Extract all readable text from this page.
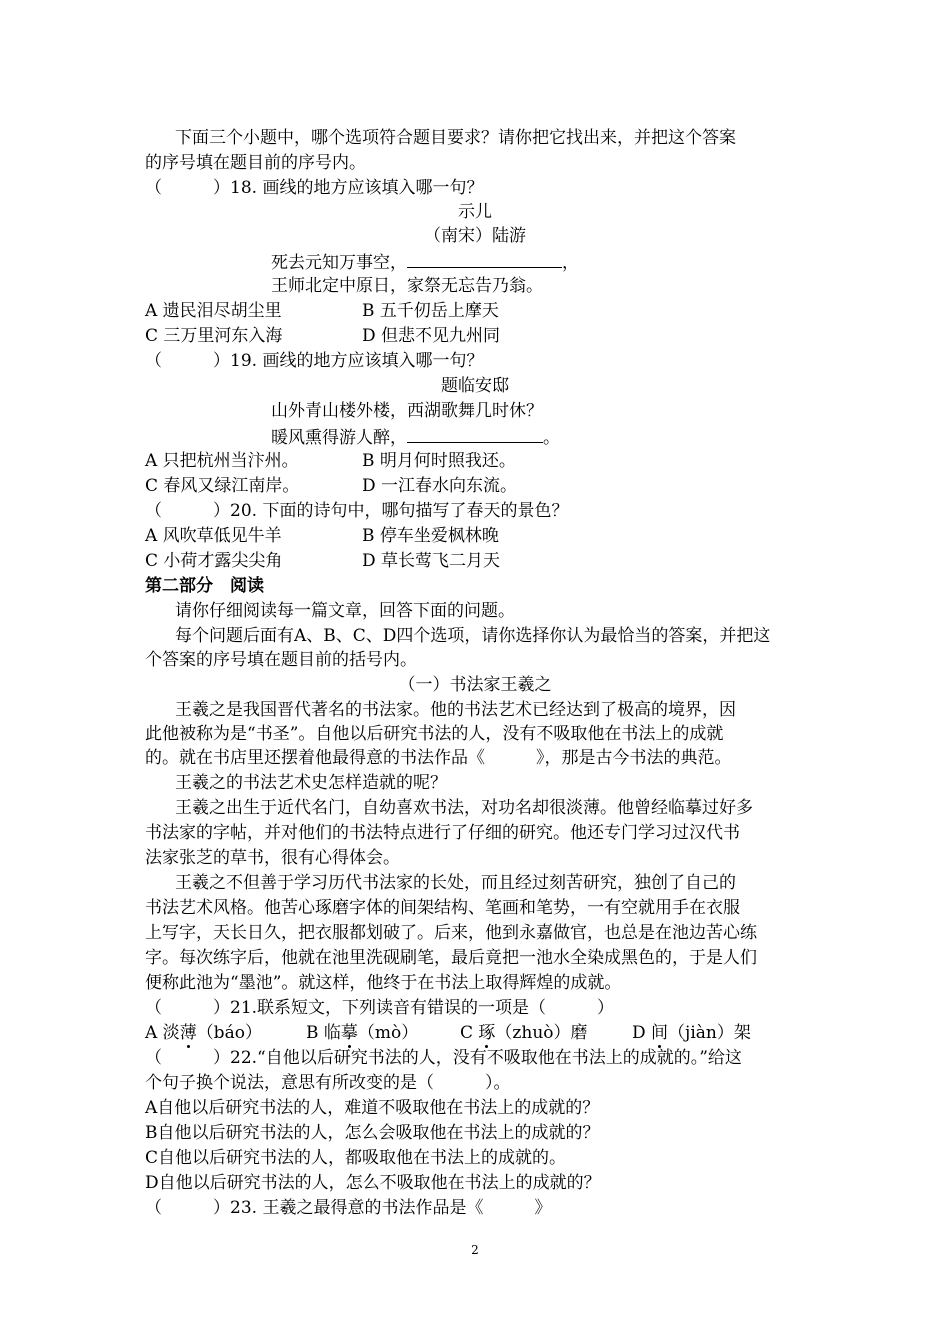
下面三个小题中，哪个选项符合题目要求？请你把它找出来，并把这个答案
的序号填在题目前的序号内。
（　　　）18. 画线的地方应该填入哪一句？
示儿
（南宋）陆游
死去元知万事空，	，
王师北定中原日，家祭无忘告乃翁。
A 遗民泪尽胡尘里	B 五千仞岳上摩天
C 三万里河东入海	D 但悲不见九州同
（　　　）19. 画线的地方应该填入哪一句？
题临安邸
山外青山楼外楼，西湖歌舞几时休？
暖风熏得游人醉，	。
A 只把杭州当汴州。	B 明月何时照我还。
C 春风又绿江南岸。	D 一江春水向东流。
（　　　）20. 下面的诗句中，哪句描写了春天的景色？
A 风吹草低见牛羊	B 停车坐爱枫林晚
C 小荷才露尖尖角	D 草长莺飞二月天
第二部分　阅读
请你仔细阅读每一篇文章，回答下面的问题。
每个问题后面有A、B、C、D四个选项，请你选择你认为最恰当的答案，并把这
个答案的序号填在题目前的括号内。
（一）书法家王羲之
王羲之是我国晋代著名的书法家。他的书法艺术已经达到了极高的境界，因
此他被称为是“书圣”。自他以后研究书法的人，没有不吸取他在书法上的成就
的。就在书店里还摆着他最得意的书法作品《　　　》，那是古今书法的典范。
王羲之的书法艺术史怎样造就的呢？
王羲之出生于近代名门，自幼喜欢书法，对功名却很淡薄。他曾经临摹过好多
书法家的字帖，并对他们的书法特点进行了仔细的研究。他还专门学习过汉代书
法家张芝的草书，很有心得体会。
王羲之不但善于学习历代书法家的长处，而且经过刻苦研究，独创了自己的
书法艺术风格。他苦心琢磨字体的间架结构、笔画和笔势，一有空就用手在衣服
上写字，天长日久，把衣服都划破了。后来，他到永嘉做官，也总是在池边苦心练
字。每次练字后，他就在池里洗砚刷笔，最后竟把一池水全染成黑色的，于是人们
便称此池为“墨池”。就这样，他终于在书法上取得辉煌的成就。
（　　　）21.联系短文，下列读音有错误的一项是（　　　）
A 淡薄（báo）	B 临摹（mò） C 琢（zhuò）磨	D 间（jiàn）架
（　　　）22.“自他以后研究书法的人，没有不吸取他在书法上的成就的。”给这
个句子换个说法，意思有所改变的是（　　　）。
A自他以后研究书法的人，难道不吸取他在书法上的成就的？
B自他以后研究书法的人，怎么会吸取他在书法上的成就的？
C自他以后研究书法的人，都吸取他在书法上的成就的。
D自他以后研究书法的人，怎么不吸取他在书法上的成就的？
（　　　）23. 王羲之最得意的书法作品是《　　　》
2
